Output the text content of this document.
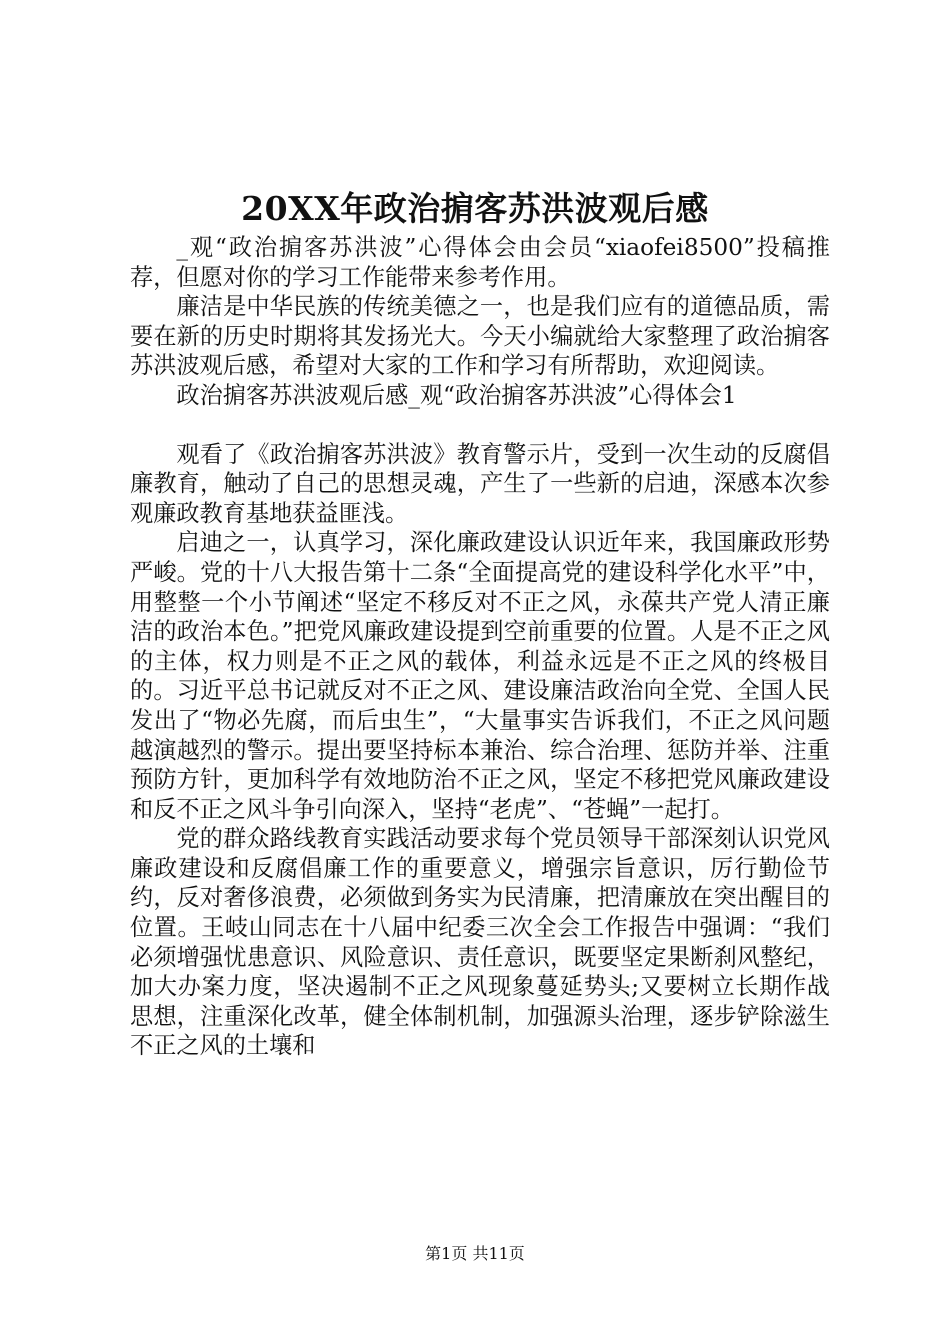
20XX年政治掮客苏洪波观后感

_观“政治掮客苏洪波”心得体会由会员“xiaofei8500”投稿推荐，但愿对你的学习工作能带来参考作用。

廉洁是中华民族的传统美德之一，也是我们应有的道德品质，需要在新的历史时期将其发扬光大。今天小编就给大家整理了政治掮客苏洪波观后感，希望对大家的工作和学习有所帮助，欢迎阅读。

政治掮客苏洪波观后感_观“政治掮客苏洪波”心得体会1

观看了《政治掮客苏洪波》教育警示片，受到一次生动的反腐倡廉教育，触动了自己的思想灵魂，产生了一些新的启迪，深感本次参观廉政教育基地获益匪浅。

启迪之一，认真学习，深化廉政建设认识近年来，我国廉政形势严峻。党的十八大报告第十二条“全面提高党的建设科学化水平”中，用整整一个小节阐述“坚定不移反对不正之风，永葆共产党人清正廉洁的政治本色。”把党风廉政建设提到空前重要的位置。人是不正之风的主体，权力则是不正之风的载体，利益永远是不正之风的终极目的。习近平总书记就反对不正之风、建设廉洁政治向全党、全国人民发出了“物必先腐，而后虫生”，“大量事实告诉我们，不正之风问题越演越烈的警示。提出要坚持标本兼治、综合治理、惩防并举、注重预防方针，更加科学有效地防治不正之风，坚定不移把党风廉政建设和反不正之风斗争引向深入，坚持“老虎”、“苍蝇”一起打。

党的群众路线教育实践活动要求每个党员领导干部深刻认识党风廉政建设和反腐倡廉工作的重要意义，增强宗旨意识，厉行勤俭节约，反对奢侈浪费，必须做到务实为民清廉，把清廉放在突出醒目的位置。王岐山同志在十八届中纪委三次全会工作报告中强调：“我们必须增强忧患意识、风险意识、责任意识，既要坚定果断刹风整纪，加大办案力度，坚决遏制不正之风现象蔓延势头;又要树立长期作战思想，注重深化改革，健全体制机制，加强源头治理，逐步铲除滋生不正之风的土壤和

第1页 共11页
